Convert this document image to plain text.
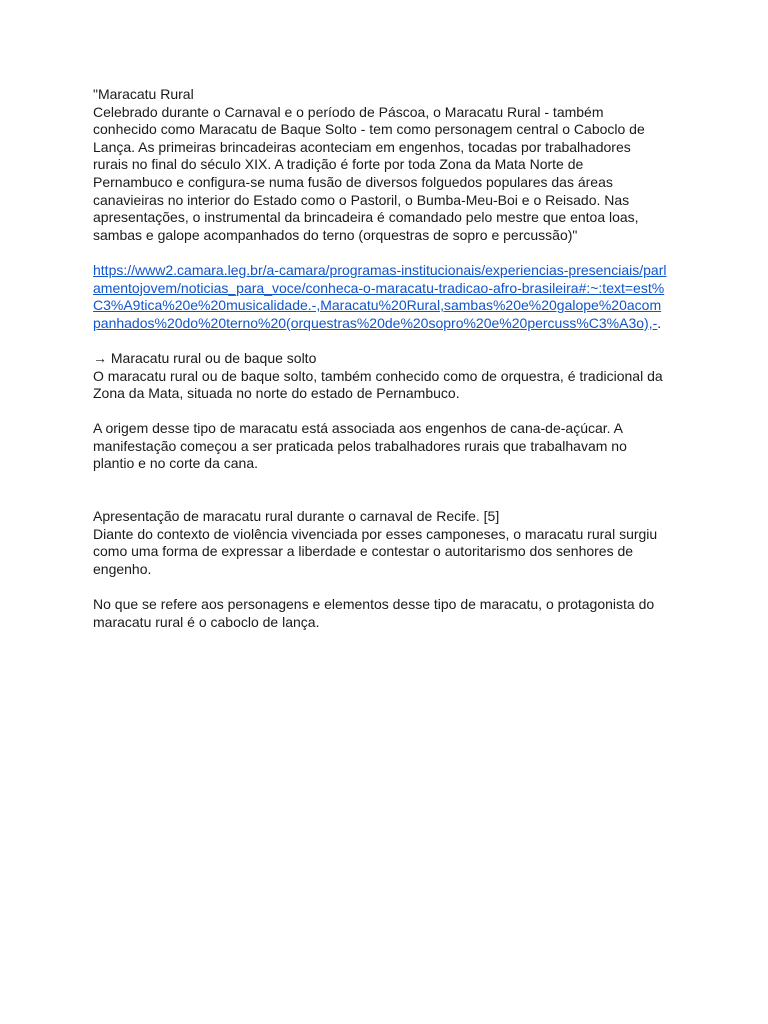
"Maracatu Rural
Celebrado durante o Carnaval e o período de Páscoa, o Maracatu Rural - também
conhecido como Maracatu de Baque Solto - tem como personagem central o Caboclo de
Lança. As primeiras brincadeiras aconteciam em engenhos, tocadas por trabalhadores
rurais no final do século XIX. A tradição é forte por toda Zona da Mata Norte de
Pernambuco e configura-se numa fusão de diversos folguedos populares das áreas
canavieiras no interior do Estado como o Pastoril, o Bumba-Meu-Boi e o Reisado. Nas
apresentações, o instrumental da brincadeira é comandado pelo mestre que entoa loas,
sambas e galope acompanhados do terno (orquestras de sopro e percussão)"
https://www2.camara.leg.br/a-camara/programas-institucionais/experiencias-presenciais/parl
amentojovem/noticias_para_voce/conheca-o-maracatu-tradicao-afro-brasileira#:~:text=est%
C3%A9tica%20e%20musicalidade.-,Maracatu%20Rural,sambas%20e%20galope%20acom
panhados%20do%20terno%20(orquestras%20de%20sopro%20e%20percuss%C3%A3o),-.
→ Maracatu rural ou de baque solto
O maracatu rural ou de baque solto, também conhecido como de orquestra, é tradicional da
Zona da Mata, situada no norte do estado de Pernambuco.
A origem desse tipo de maracatu está associada aos engenhos de cana-de-açúcar. A
manifestação começou a ser praticada pelos trabalhadores rurais que trabalhavam no
plantio e no corte da cana.
Apresentação de maracatu rural durante o carnaval de Recife. [5]
Diante do contexto de violência vivenciada por esses camponeses, o maracatu rural surgiu
como uma forma de expressar a liberdade e contestar o autoritarismo dos senhores de
engenho.
No que se refere aos personagens e elementos desse tipo de maracatu, o protagonista do
maracatu rural é o caboclo de lança.
